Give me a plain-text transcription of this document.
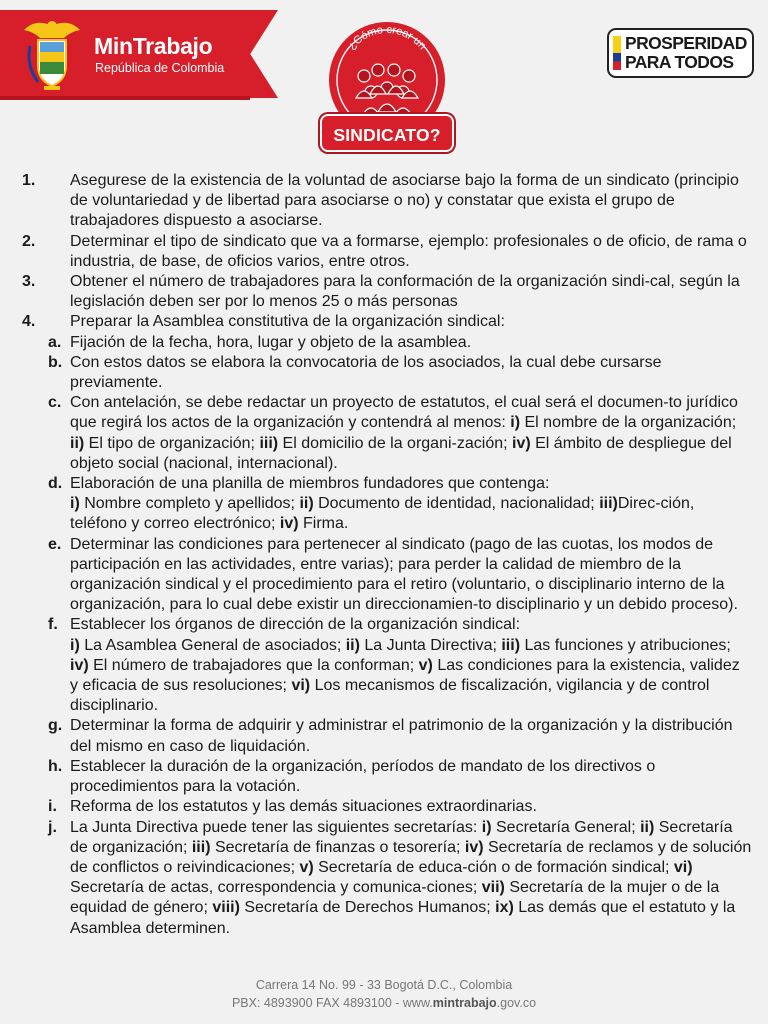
MinTrabajo
República de Colombia
¿Cómo crear un
SINDICATO?
PROSPERIDAD
PARA TODOS
1. Asegurese de la existencia de la voluntad de asociarse bajo la forma de un sindicato (principio de voluntariedad y de libertad para asociarse o no) y constatar que exista el grupo de trabajadores dispuesto a asociarse.
2. Determinar el tipo de sindicato que va a formarse, ejemplo: profesionales o de oficio, de rama o industria, de base, de oficios varios, entre otros.
3. Obtener el número de trabajadores para la conformación de la organización sindi-cal, según la legislación deben ser por lo menos 25 o más personas
4. Preparar la Asamblea constitutiva de la organización sindical:
a. Fijación de la fecha, hora, lugar y objeto de la asamblea.
b. Con estos datos se elabora la convocatoria de los asociados, la cual debe cursarse previamente.
c. Con antelación, se debe redactar un proyecto de estatutos, el cual será el documen-to jurídico que regirá los actos de la organización y contendrá al menos: i) El nombre de la organización; ii) El tipo de organización; iii) El domicilio de la organi-zación; iv) El ámbito de despliegue del objeto social (nacional, internacional).
d. Elaboración de una planilla de miembros fundadores que contenga:
i) Nombre completo y apellidos; ii) Documento de identidad, nacionalidad; iii)Direc-ción, teléfono y correo electrónico; iv) Firma.
e. Determinar las condiciones para pertenecer al sindicato (pago de las cuotas, los modos de participación en las actividades, entre varias); para perder la calidad de miembro de la organización sindical y el procedimiento para el retiro (voluntario, o disciplinario interno de la organización, para lo cual debe existir un direccionamien-to disciplinario y un debido proceso).
f. Establecer los órganos de dirección de la organización sindical:
i) La Asamblea General de asociados; ii) La Junta Directiva; iii) Las funciones y atribuciones; iv) El número de trabajadores que la conforman; v) Las condiciones para la existencia, validez y eficacia de sus resoluciones; vi) Los mecanismos de fiscalización, vigilancia y de control disciplinario.
g. Determinar la forma de adquirir y administrar el patrimonio de la organización y la distribución del mismo en caso de liquidación.
h. Establecer la duración de la organización, períodos de mandato de los directivos o procedimientos para la votación.
i. Reforma de los estatutos y las demás situaciones extraordinarias.
j. La Junta Directiva puede tener las siguientes secretarías: i) Secretaría General; ii) Secretaría de organización; iii) Secretaría de finanzas o tesorería; iv) Secretaría de reclamos y de solución de conflictos o reivindicaciones; v) Secretaría de educa-ción o de formación sindical; vi) Secretaría de actas, correspondencia y comunica-ciones; vii) Secretaría de la mujer o de la equidad de género; viii) Secretaría de Derechos Humanos; ix) Las demás que el estatuto y la Asamblea determinen.
Carrera 14 No. 99 - 33 Bogotá D.C., Colombia
PBX: 4893900 FAX 4893100 - www.mintrabajo.gov.co
